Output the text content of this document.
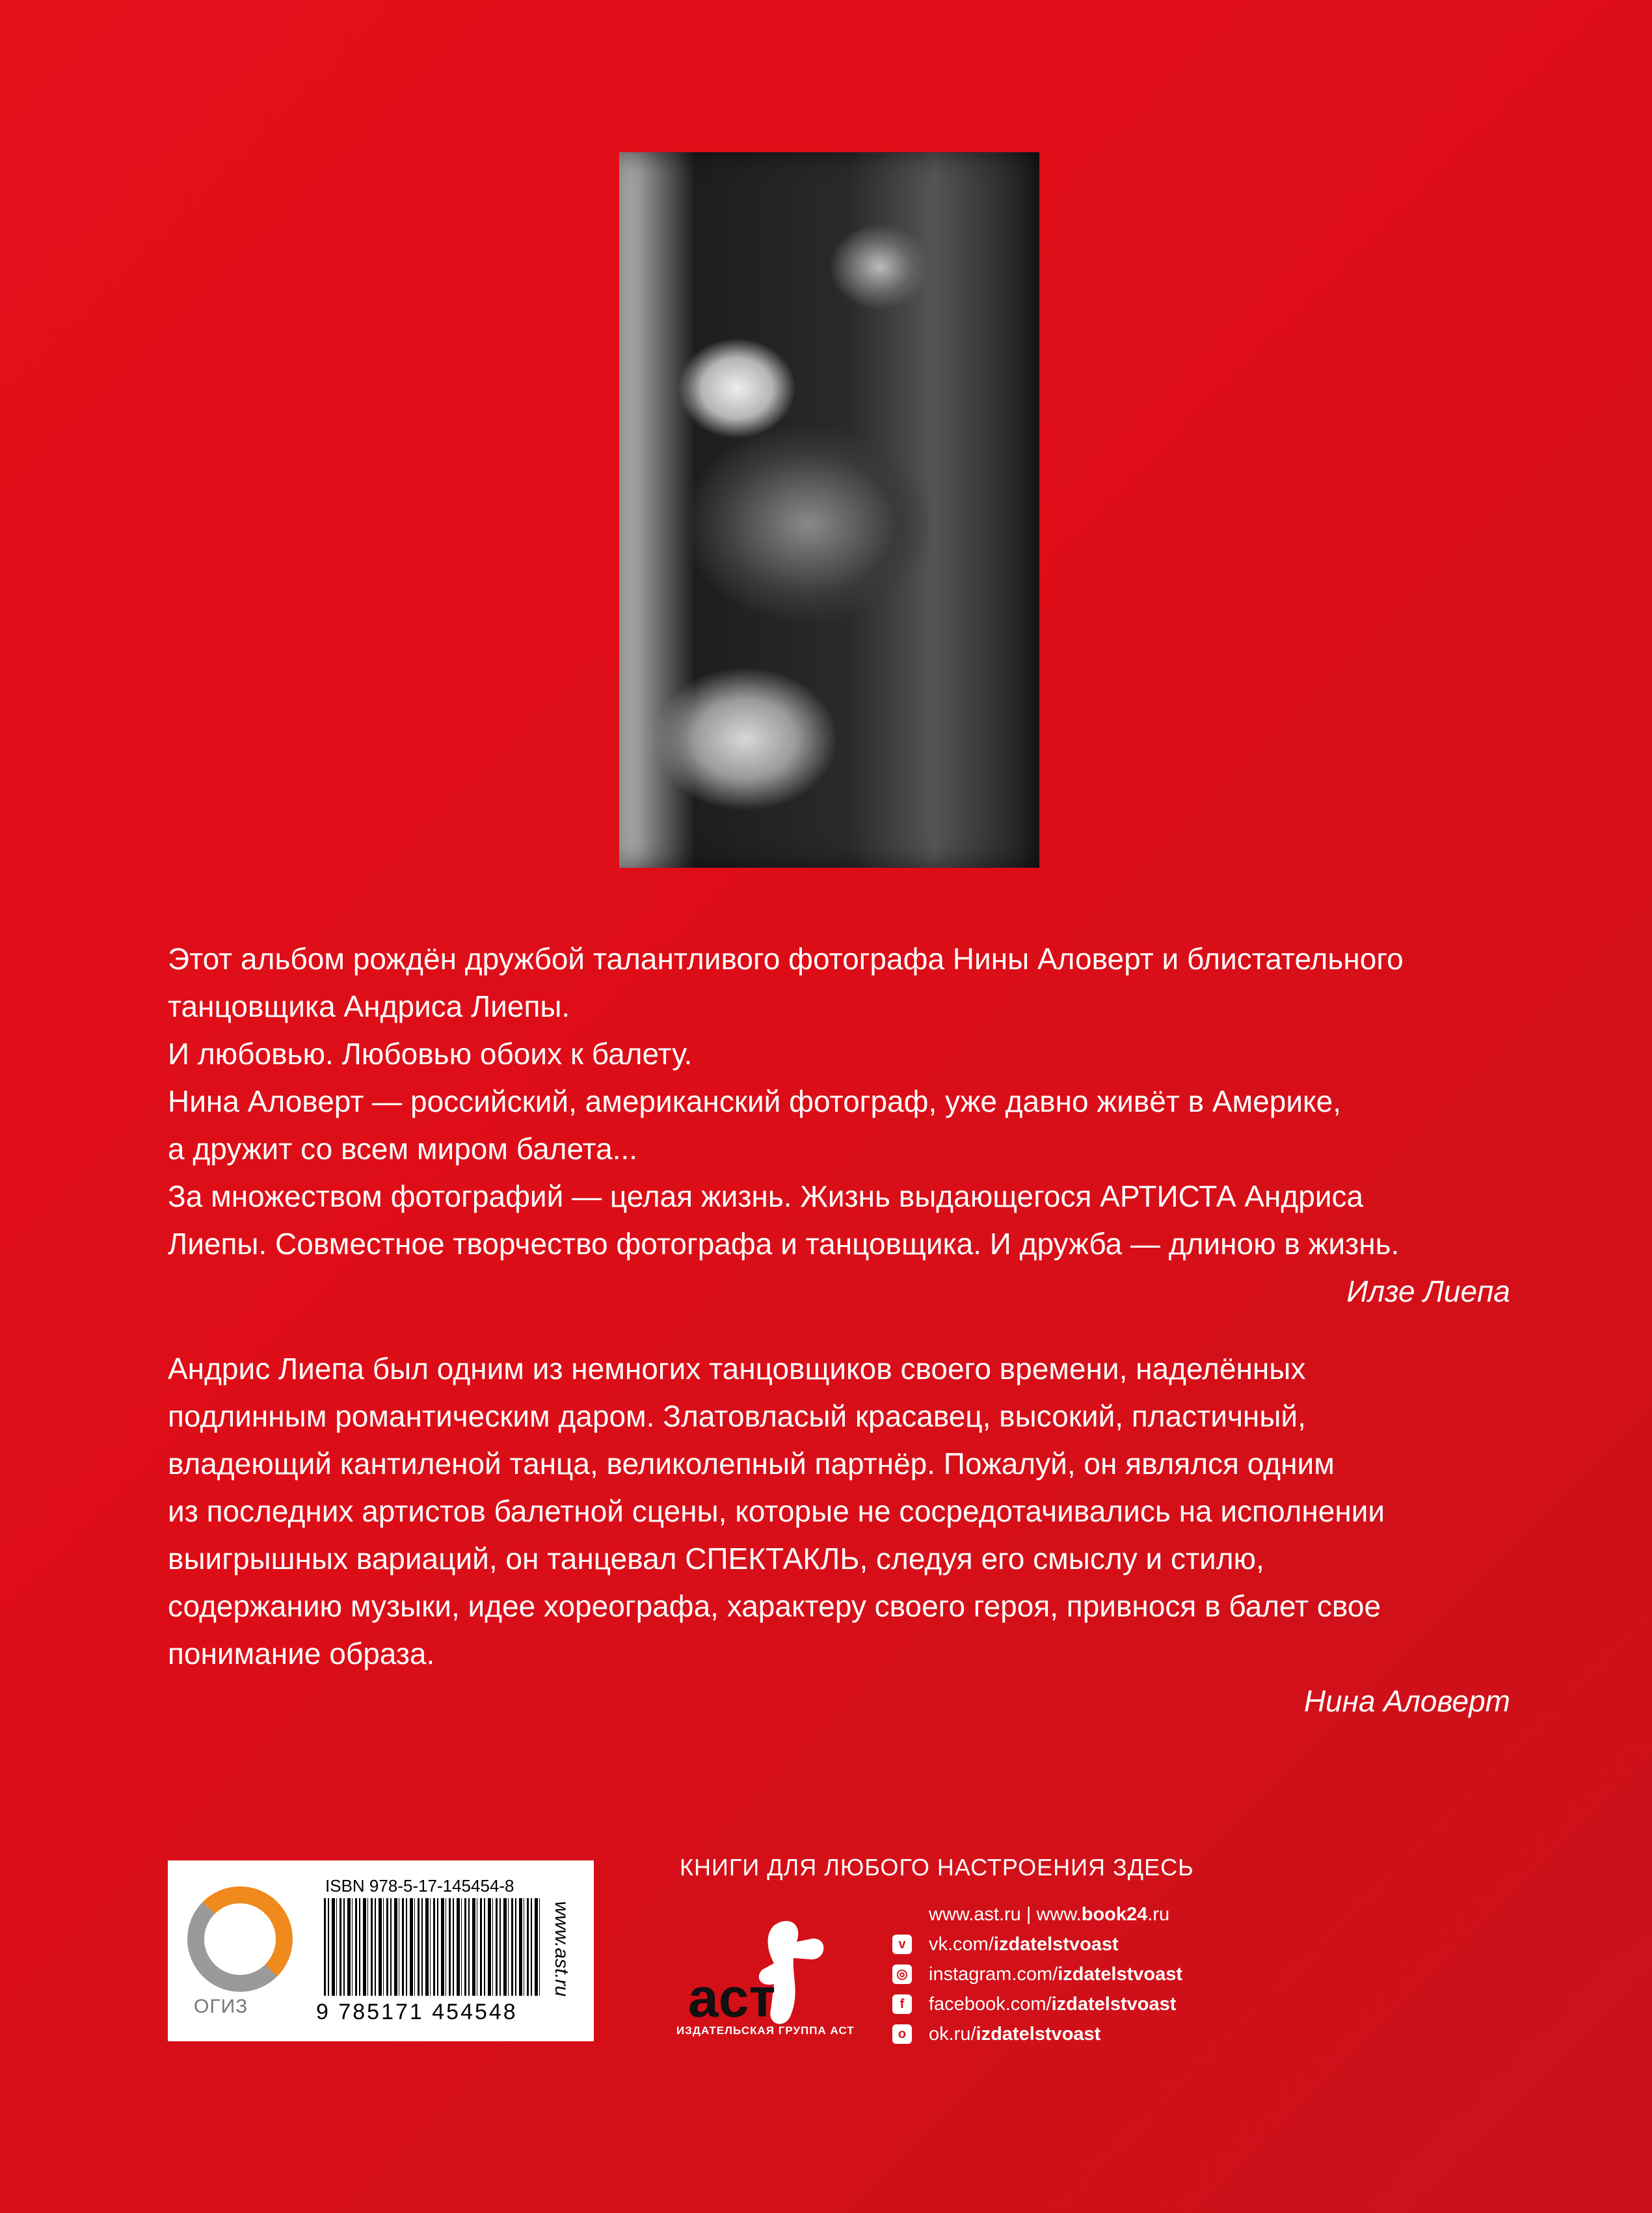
Этот альбом рождён дружбой талантливого фотографа Нины Аловерт и блистательного

танцовщика Андриса Лиепы.

И любовью. Любовью обоих к балету.

Нина Аловерт — российский, американский фотограф, уже давно живёт в Америке,

а дружит со всем миром балета...

За множеством фотографий — целая жизнь. Жизнь выдающегося АРТИСТА Андриса

Лиепы. Совместное творчество фотографа и танцовщика. И дружба — длиною в жизнь.

Илзе Лиепа

Андрис Лиепа был одним из немногих танцовщиков своего времени, наделённых

подлинным романтическим даром. Златовласый красавец, высокий, пластичный,

владеющий кантиленой танца, великолепный партнёр. Пожалуй, он являлся одним

из последних артистов балетной сцены, которые не сосредотачивались на исполнении

выигрышных вариаций, он танцевал СПЕКТАКЛЬ, следуя его смыслу и стилю,

содержанию музыки, идее хореографа, характеру своего героя, привнося в балет свое

понимание образа.

Нина Аловерт

ОГИЗ
ISBN 978-5-17-145454-8
9 785171 454548
www.ast.ru
КНИГИ ДЛЯ ЛЮБОГО НАСТРОЕНИЯ ЗДЕСЬ
аст
ИЗДАТЕЛЬСКАЯ ГРУППА АСТ
www.ast.ru | www. book24 .ru
v	vk.com/ izdatelstvoast
◎ instagram.com/ izdatelstvoast
f	facebook.com/ izdatelstvoast
o	ok.ru/ izdatelstvoast
